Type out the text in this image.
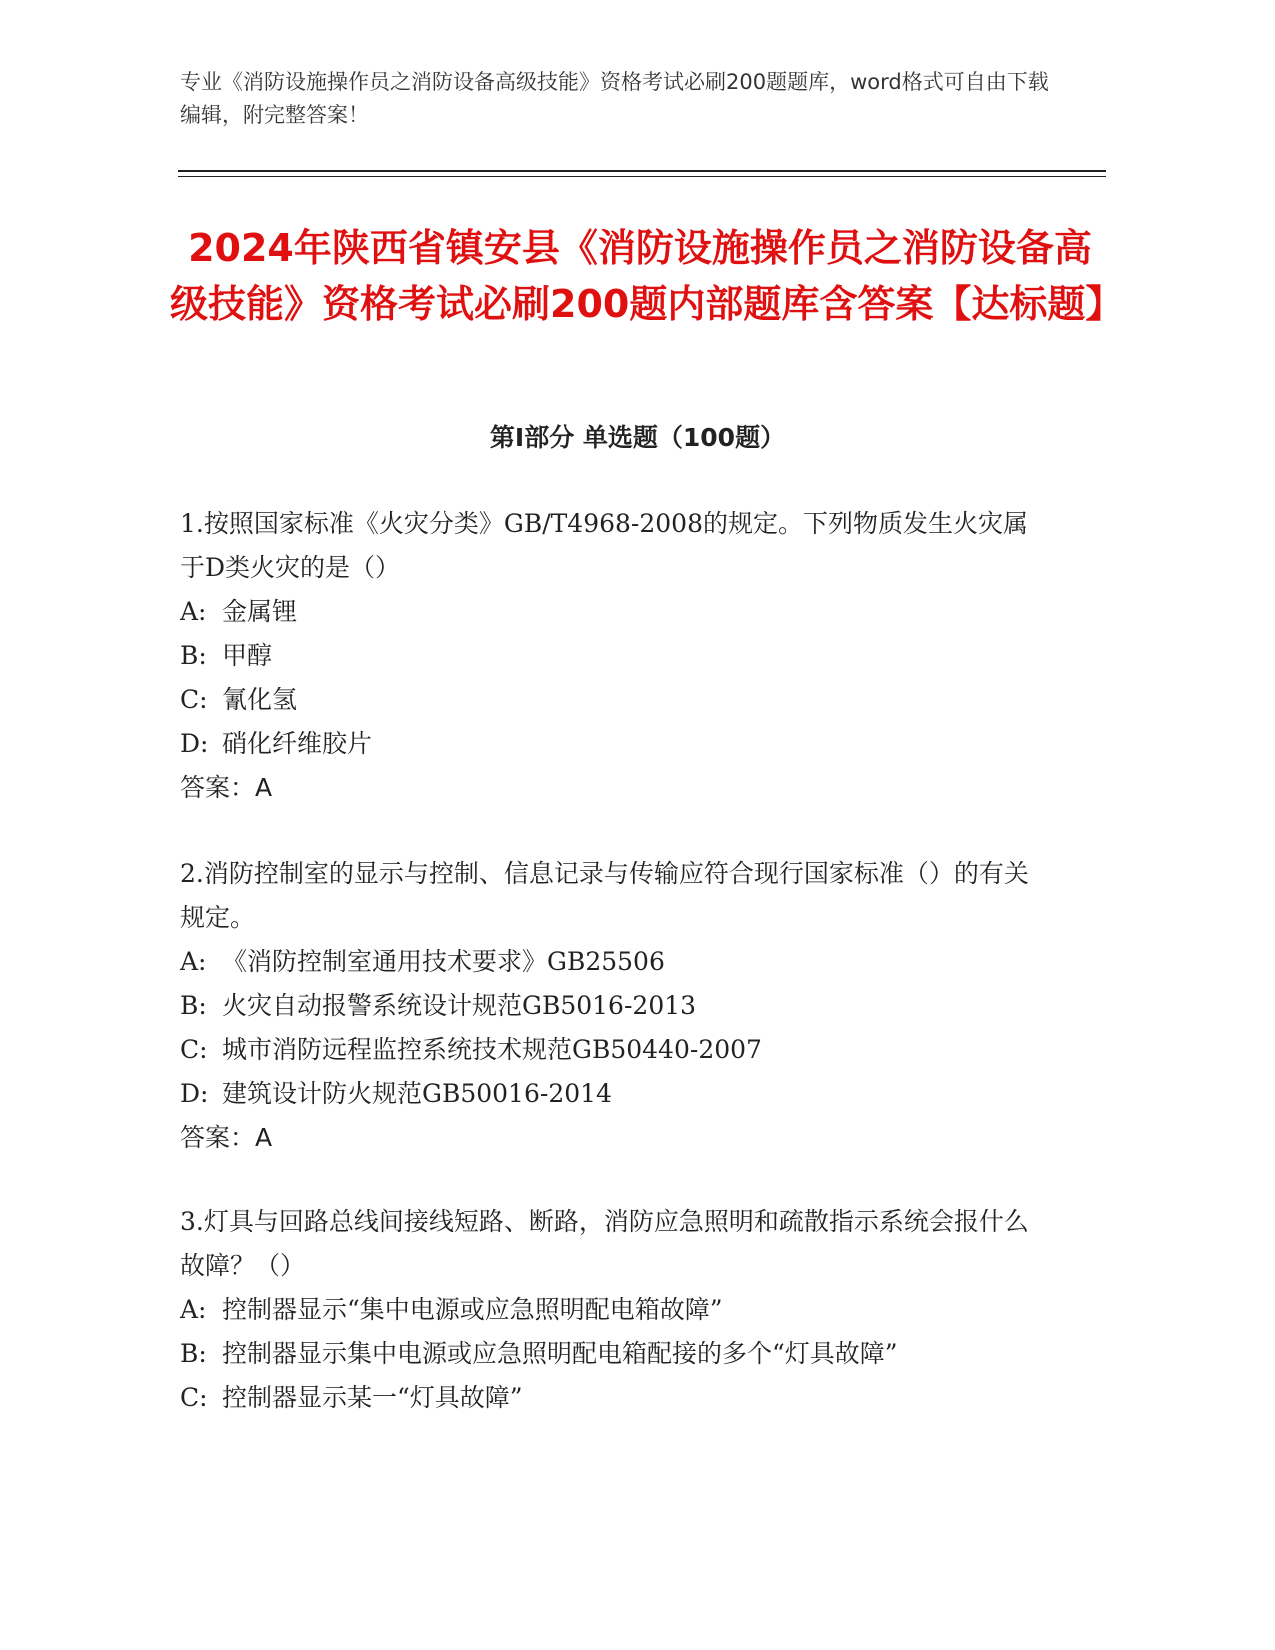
专业《消防设施操作员之消防设备高级技能》资格考试必刷200题题库，word格式可自由下载编辑，附完整答案！

2024年陕西省镇安县《消防设施操作员之消防设备高级技能》资格考试必刷200题内部题库含答案【达标题】
第I部分 单选题（100题）

1.按照国家标准《火灾分类》GB/T4968-2008的规定。下列物质发生火灾属于D类火灾的是（）

A: 金属锂

B: 甲醇

C: 氰化氢

D: 硝化纤维胶片

答案：A

2.消防控制室的显示与控制、信息记录与传输应符合现行国家标准（）的有关规定。

A: 《消防控制室通用技术要求》GB25506

B: 火灾自动报警系统设计规范GB5016-2013

C: 城市消防远程监控系统技术规范GB50440-2007

D: 建筑设计防火规范GB50016-2014

答案：A

3.灯具与回路总线间接线短路、断路，消防应急照明和疏散指示系统会报什么故障？（）

A: 控制器显示“集中电源或应急照明配电箱故障”

B: 控制器显示集中电源或应急照明配电箱配接的多个“灯具故障”

C: 控制器显示某一“灯具故障”
